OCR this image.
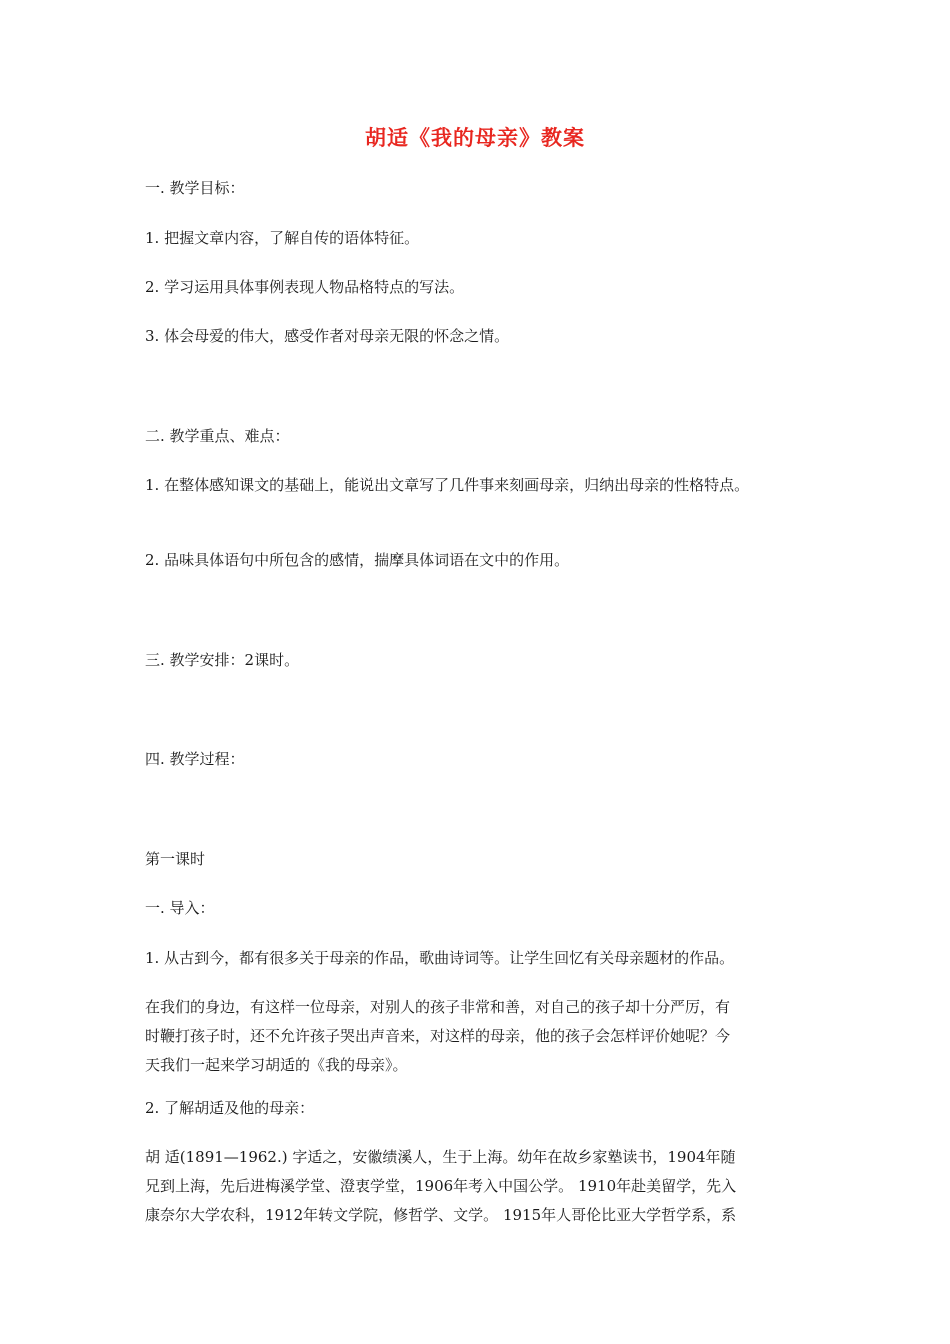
胡适《我的母亲》教案
一. 教学目标：
1. 把握文章内容，了解自传的语体特征。
2. 学习运用具体事例表现人物品格特点的写法。
3. 体会母爱的伟大，感受作者对母亲无限的怀念之情。
二. 教学重点、难点：
1. 在整体感知课文的基础上，能说出文章写了几件事来刻画母亲，归纳出母亲的性格特点。
2. 品味具体语句中所包含的感情，揣摩具体词语在文中的作用。
三. 教学安排：2课时。
四. 教学过程：
第一课时
一. 导入：
1. 从古到今，都有很多关于母亲的作品，歌曲诗词等。让学生回忆有关母亲题材的作品。
在我们的身边，有这样一位母亲，对别人的孩子非常和善，对自己的孩子却十分严厉，有
时鞭打孩子时，还不允许孩子哭出声音来，对这样的母亲，他的孩子会怎样评价她呢？今
天我们一起来学习胡适的《我的母亲》。
2. 了解胡适及他的母亲：
胡 适(1891—1962.) 字适之，安徽绩溪人，生于上海。幼年在故乡家塾读书，1904年随
兄到上海，先后进梅溪学堂、澄衷学堂，1906年考入中国公学。 1910年赴美留学，先入
康奈尔大学农科，1912年转文学院，修哲学、文学。 1915年人哥伦比亚大学哲学系，系
